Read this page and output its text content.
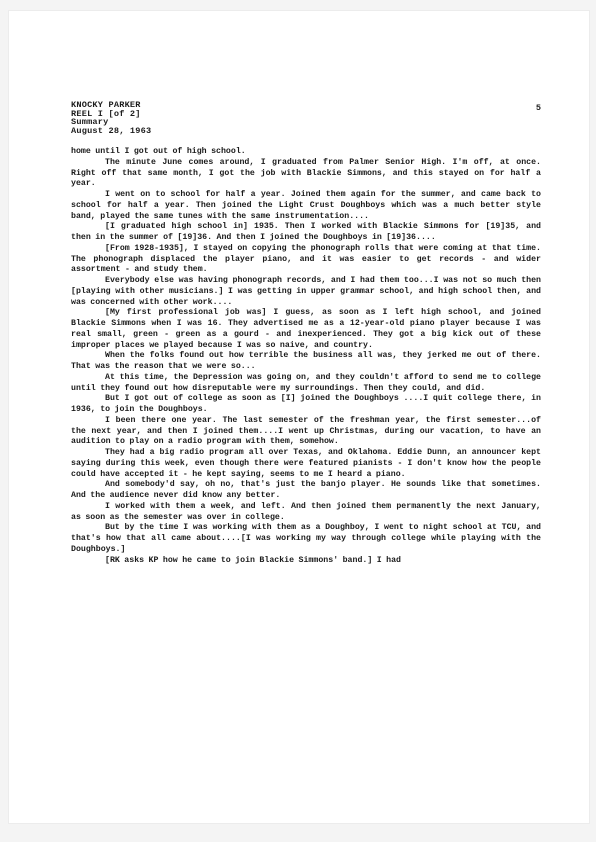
KNOCKY PARKER
REEL I [of 2]
Summary
August 28, 1963
5

home until I got out of high school.

The minute June comes around, I graduated from Palmer Senior High. I'm off, at once. Right off that same month, I got the job with Blackie Simmons, and this stayed on for half a year.

I went on to school for half a year. Joined them again for the summer, and came back to school for half a year. Then joined the Light Crust Doughboys which was a much better style band, played the same tunes with the same instrumentation....

[I graduated high school in] 1935. Then I worked with Blackie Simmons for [19]35, and then in the summer of [19]36. And then I joined the Doughboys in [19]36....

[From 1928-1935], I stayed on copying the phonograph rolls that were coming at that time. The phonograph displaced the player piano, and it was easier to get records - and wider assortment - and study them.

Everybody else was having phonograph records, and I had them too...I was not so much then [playing with other musicians.] I was getting in upper grammar school, and high school then, and was concerned with other work....

[My first professional job was] I guess, as soon as I left high school, and joined Blackie Simmons when I was 16. They advertised me as a 12-year-old piano player because I was real small, green - green as a gourd - and inexperienced. They got a big kick out of these improper places we played because I was so naive, and country.

When the folks found out how terrible the business all was, they jerked me out of there. That was the reason that we were so...

At this time, the Depression was going on, and they couldn't afford to send me to college until they found out how disreputable were my surroundings. Then they could, and did.

But I got out of college as soon as [I] joined the Doughboys ....I quit college there, in 1936, to join the Doughboys.

I been there one year. The last semester of the freshman year, the first semester...of the next year, and then I joined them....I went up Christmas, during our vacation, to have an audition to play on a radio program with them, somehow.

They had a big radio program all over Texas, and Oklahoma. Eddie Dunn, an announcer kept saying during this week, even though there were featured pianists - I don't know how the people could have accepted it - he kept saying, seems to me I heard a piano.

And somebody'd say, oh no, that's just the banjo player. He sounds like that sometimes. And the audience never did know any better.

I worked with them a week, and left. And then joined them permanently the next January, as soon as the semester was over in college.

But by the time I was working with them as a Doughboy, I went to night school at TCU, and that's how that all came about....[I was working my way through college while playing with the Doughboys.]

[RK asks KP how he came to join Blackie Simmons' band.] I had
